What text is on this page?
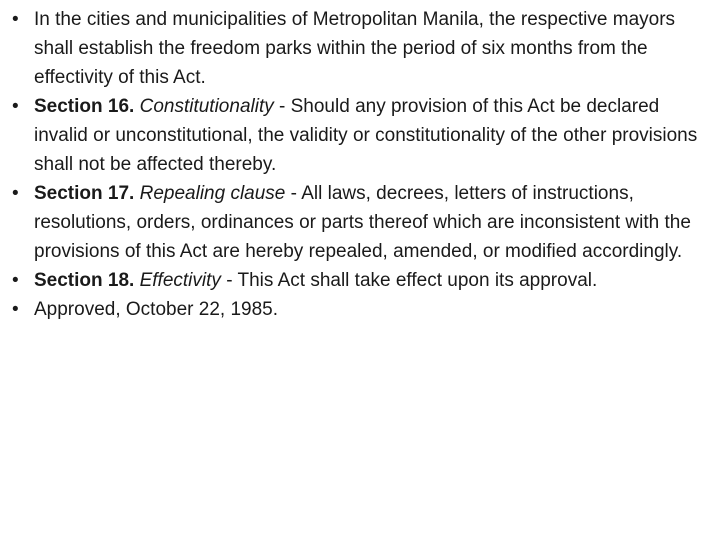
• In the cities and municipalities of Metropolitan Manila, the respective mayors shall establish the freedom parks within the period of six months from the effectivity of this Act.
• Section 16. Constitutionality - Should any provision of this Act be declared invalid or unconstitutional, the validity or constitutionality of the other provisions shall not be affected thereby.
• Section 17. Repealing clause - All laws, decrees, letters of instructions, resolutions, orders, ordinances or parts thereof which are inconsistent with the provisions of this Act are hereby repealed, amended, or modified accordingly.
• Section 18. Effectivity - This Act shall take effect upon its approval.
• Approved, October 22, 1985.
